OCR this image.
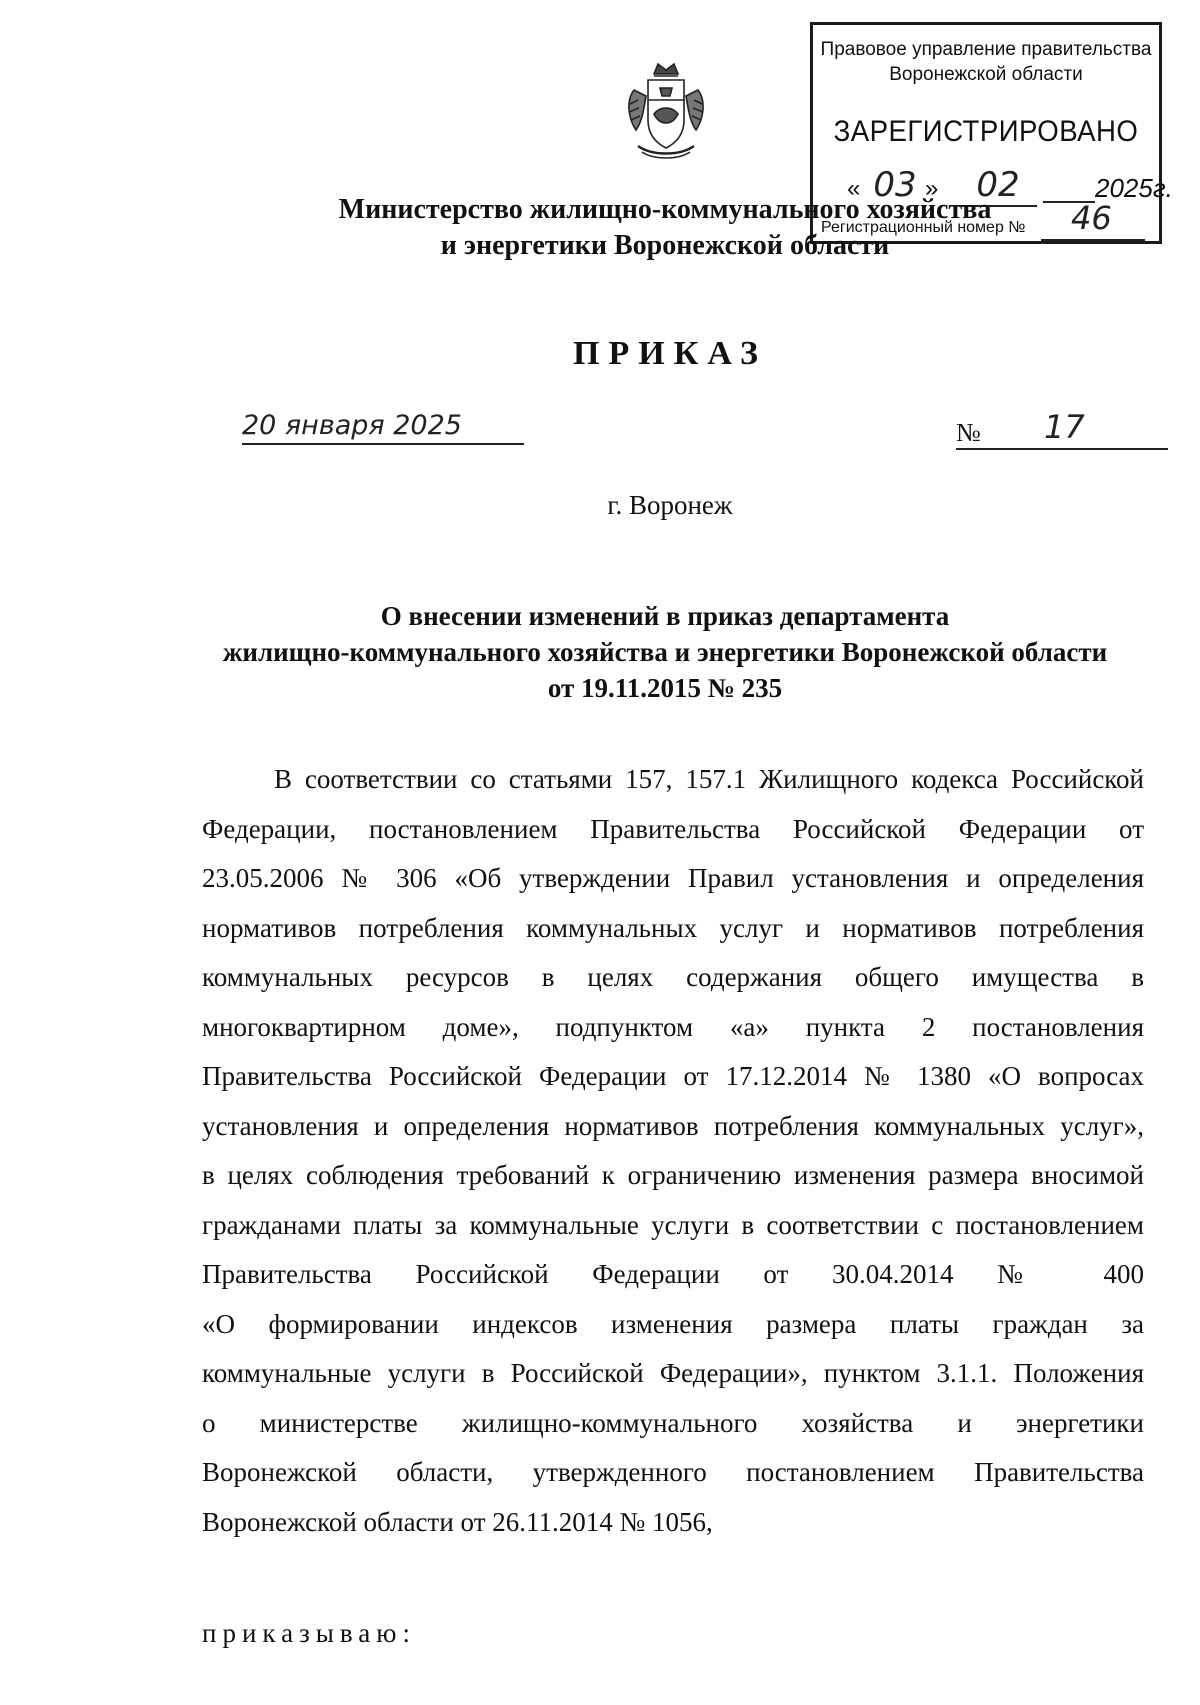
Правовое управление правительства
Воронежской области
ЗАРЕГИСТРИРОВАНО
« 03 »	02	2025г.
Регистрационный номер № 46
Министерство жилищно-коммунального хозяйства
и энергетики Воронежской области
ПРИКАЗ
20 января 2025	№ 17
г. Воронеж
О внесении изменений в приказ департамента
жилищно-коммунального хозяйства и энергетики Воронежской области
от 19.11.2015 № 235
В соответствии со статьями 157, 157.1 Жилищного кодекса Российской
Федерации, постановлением Правительства Российской Федерации от
23.05.2006 № 306 «Об утверждении Правил установления и определения
нормативов потребления коммунальных услуг и нормативов потребления
коммунальных ресурсов в целях содержания общего имущества в
многоквартирном доме», подпунктом «а» пункта 2 постановления
Правительства Российской Федерации от 17.12.2014 № 1380 «О вопросах
установления и определения нормативов потребления коммунальных услуг»,
в целях соблюдения требований к ограничению изменения размера вносимой
гражданами платы за коммунальные услуги в соответствии с постановлением
Правительства Российской Федерации от 30.04.2014 № 400
«О формировании индексов изменения размера платы граждан за
коммунальные услуги в Российской Федерации», пунктом 3.1.1. Положения
о министерстве жилищно-коммунального хозяйства и энергетики
Воронежской области, утвержденного постановлением Правительства
Воронежской области от 26.11.2014 № 1056,
приказываю:
